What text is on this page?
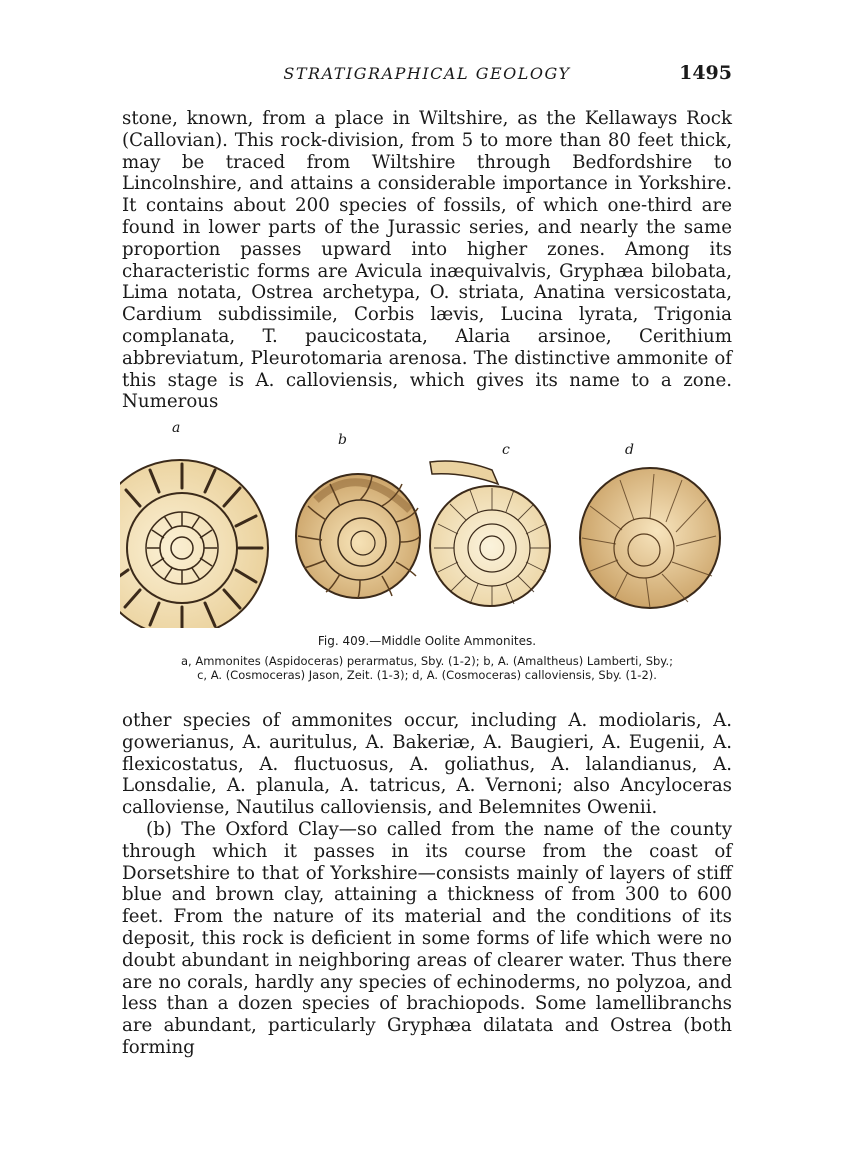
STRATIGRAPHICAL GEOLOGY	1495

stone, known, from a place in Wiltshire, as the Kellaways Rock (Callovian). This rock-division, from 5 to more than 80 feet thick, may be traced from Wiltshire through Bedfordshire to Lincolnshire, and attains a considerable importance in Yorkshire. It contains about 200 species of fossils, of which one-third are found in lower parts of the Jurassic series, and nearly the same proportion passes upward into higher zones. Among its characteristic forms are Avicula inæquivalvis, Gryphæa bilobata, Lima notata, Ostrea archetypa, O. striata, Anatina versicostata, Cardium subdissimile, Corbis lævis, Lucina lyrata, Trigonia complanata, T. paucicostata, Alaria arsinoe, Cerithium abbreviatum, Pleurotomaria arenosa. The distinctive ammonite of this stage is A. calloviensis, which gives its name to a zone. Numerous

a
b
c	d
Fig. 409.—Middle Oolite Ammonites.
a, Ammonites (Aspidoceras) perarmatus, Sby. (1-2); b, A. (Amaltheus) Lamberti, Sby.;
c, A. (Cosmoceras) Jason, Zeit. (1-3); d, A. (Cosmoceras) calloviensis, Sby. (1-2).

other species of ammonites occur, including A. modiolaris, A. gowerianus, A. auritulus, A. Bakeriæ, A. Baugieri, A. Eugenii, A. flexicostatus, A. fluctuosus, A. goliathus, A. lalandianus, A. Lonsdalie, A. planula, A. tatricus, A. Vernoni; also Ancyloceras calloviense, Nautilus calloviensis, and Belemnites Owenii.

(b) The Oxford Clay—so called from the name of the county through which it passes in its course from the coast of Dorsetshire to that of Yorkshire—consists mainly of layers of stiff blue and brown clay, attaining a thickness of from 300 to 600 feet. From the nature of its material and the conditions of its deposit, this rock is deficient in some forms of life which were no doubt abundant in neighboring areas of clearer water. Thus there are no corals, hardly any species of echinoderms, no polyzoa, and less than a dozen species of brachiopods. Some lamellibranchs are abundant, particularly Gryphæa dilatata and Ostrea (both forming
